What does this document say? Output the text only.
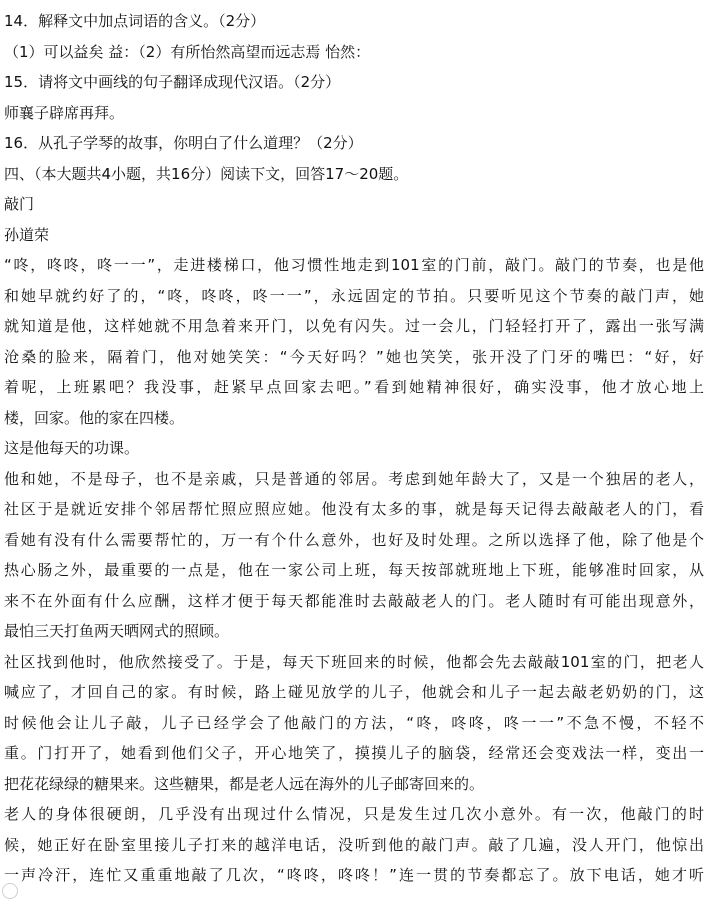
14．解释文中加点词语的含义。（2分）
（1）可以益矣 益：（2）有所怡然高望而远志焉 怡然：
15．请将文中画线的句子翻译成现代汉语。（2分）
师襄子辟席再拜。
16．从孔子学琴的故事，你明白了什么道理？（2分）
四、（本大题共4小题，共16分）阅读下文，回答17～20题。
敲门
孙道荣
“咚，咚咚，咚一一”，走进楼梯口，他习惯性地走到101室的门前，敲门。敲门的节奏，也是他
和她早就约好了的，“咚，咚咚，咚一一”，永远固定的节拍。只要听见这个节奏的敲门声，她
就知道是他，这样她就不用急着来开门，以免有闪失。过一会儿，门轻轻打开了，露出一张写满
沧桑的脸来，隔着门，他对她笑笑：“今天好吗？”她也笑笑，张开没了门牙的嘴巴：“好，好
着呢，上班累吧？我没事，赶紧早点回家去吧。”看到她精神很好，确实没事，他才放心地上
楼，回家。他的家在四楼。
这是他每天的功课。
他和她，不是母子，也不是亲戚，只是普通的邻居。考虑到她年龄大了，又是一个独居的老人，
社区于是就近安排个邻居帮忙照应照应她。他没有太多的事，就是每天记得去敲敲老人的门，看
看她有没有什么需要帮忙的，万一有个什么意外，也好及时处理。之所以选择了他，除了他是个
热心肠之外，最重要的一点是，他在一家公司上班，每天按部就班地上下班，能够准时回家，从
来不在外面有什么应酬，这样才便于每天都能准时去敲敲老人的门。老人随时有可能出现意外，
最怕三天打鱼两天晒网式的照顾。
社区找到他时，他欣然接受了。于是，每天下班回来的时候，他都会先去敲敲101室的门，把老人
喊应了，才回自己的家。有时候，路上碰见放学的儿子，他就会和儿子一起去敲老奶奶的门，这
时候他会让儿子敲，儿子已经学会了他敲门的方法，“咚，咚咚，咚一一”不急不慢，不轻不
重。门打开了，她看到他们父子，开心地笑了，摸摸儿子的脑袋，经常还会变戏法一样，变出一
把花花绿绿的糖果来。这些糖果，都是老人远在海外的儿子邮寄回来的。
老人的身体很硬朗，几乎没有出现过什么情况，只是发生过几次小意外。有一次，他敲门的时
候，她正好在卧室里接儿子打来的越洋电话，没听到他的敲门声。敲了几遍，没人开门，他惊出
一声冷汗，连忙又重重地敲了几次，“咚咚，咚咚！”连一贯的节奏都忘了。放下电话，她才听
